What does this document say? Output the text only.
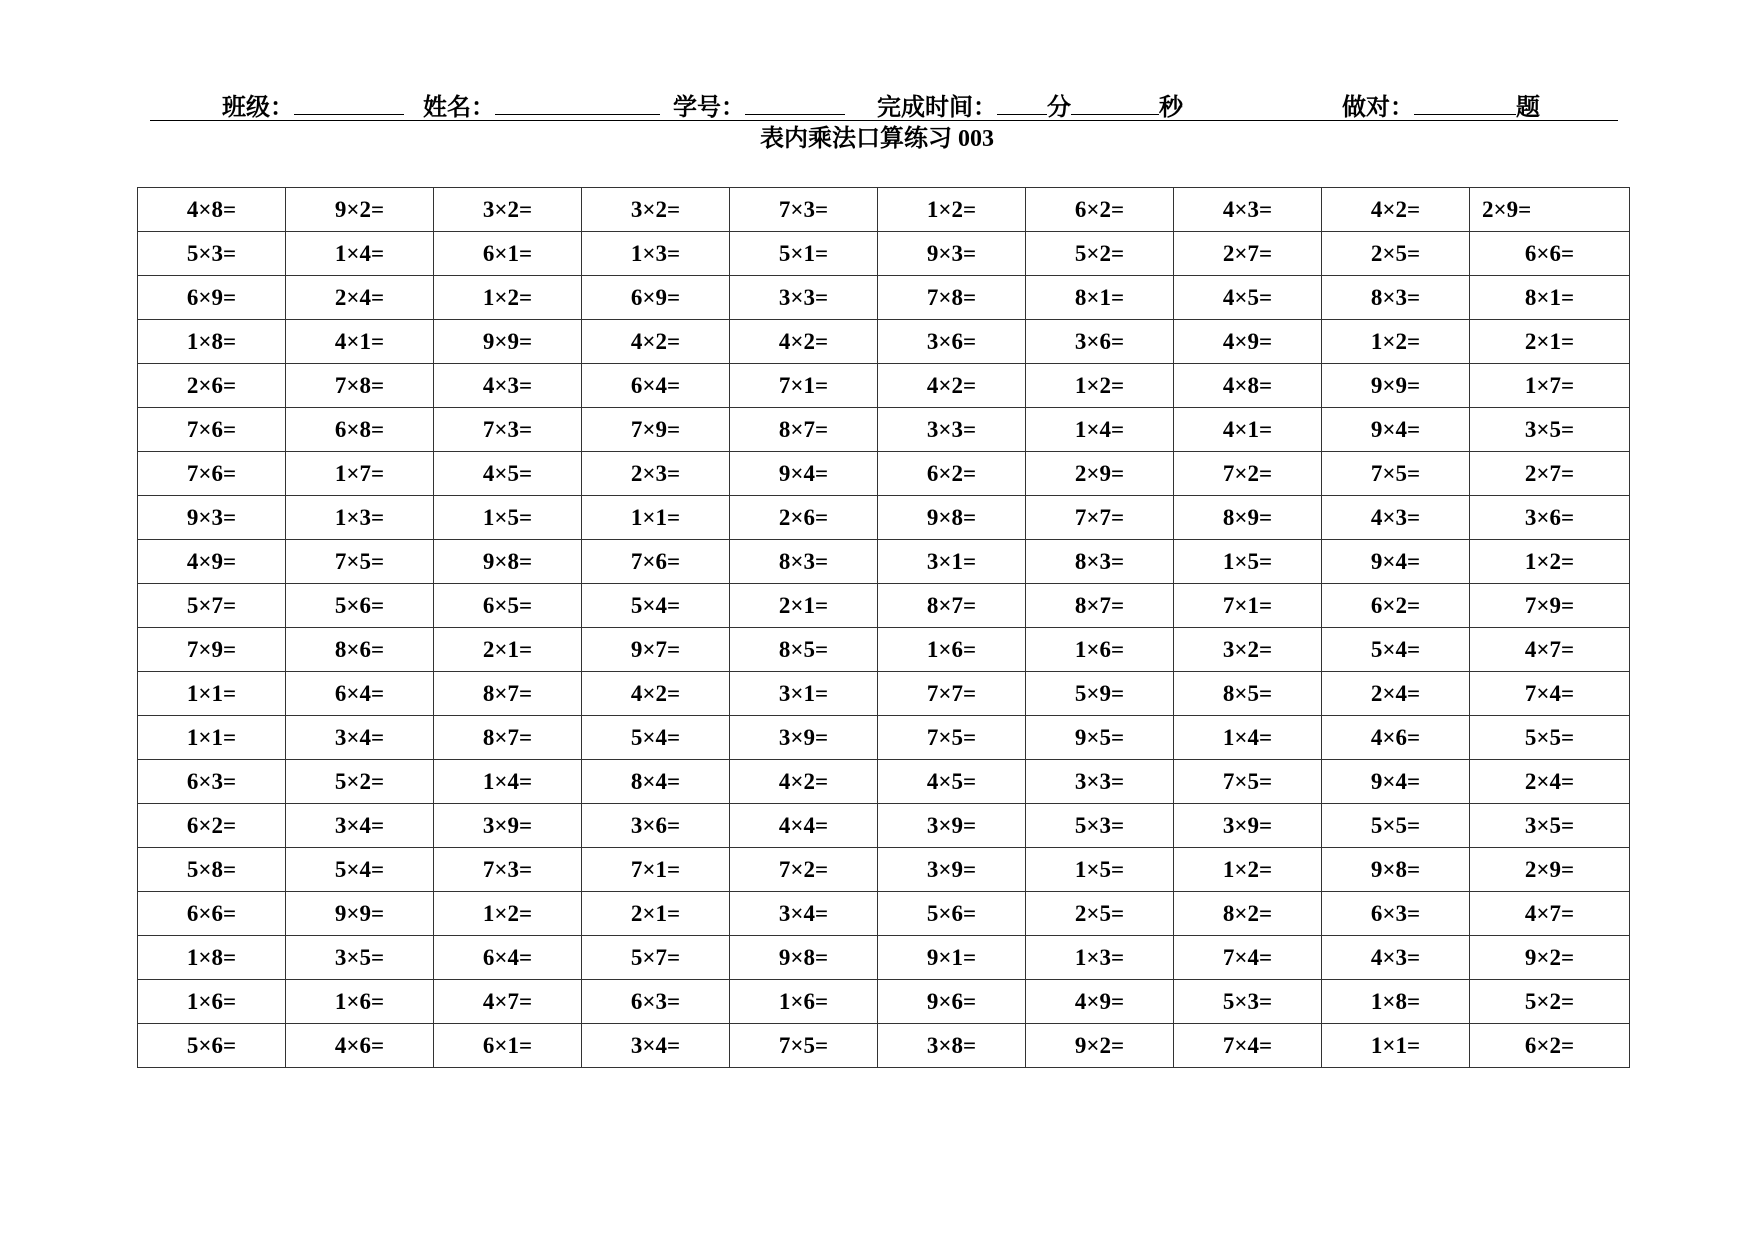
班级：	姓名：	学号：	完成时间： 分	秒	做对：	题
表内乘法口算练习 003
4×8=	9×2=	3×2=	3×2=	7×3=	1×2=	6×2=	4×3=	4×2=	2×9=
5×3=	1×4=	6×1=	1×3=	5×1=	9×3=	5×2=	2×7=	2×5=	6×6=
6×9=	2×4=	1×2=	6×9=	3×3=	7×8=	8×1=	4×5=	8×3=	8×1=
1×8=	4×1=	9×9=	4×2=	4×2=	3×6=	3×6=	4×9=	1×2=	2×1=
2×6=	7×8=	4×3=	6×4=	7×1=	4×2=	1×2=	4×8=	9×9=	1×7=
7×6=	6×8=	7×3=	7×9=	8×7=	3×3=	1×4=	4×1=	9×4=	3×5=
7×6=	1×7=	4×5=	2×3=	9×4=	6×2=	2×9=	7×2=	7×5=	2×7=
9×3=	1×3=	1×5=	1×1=	2×6=	9×8=	7×7=	8×9=	4×3=	3×6=
4×9=	7×5=	9×8=	7×6=	8×3=	3×1=	8×3=	1×5=	9×4=	1×2=
5×7=	5×6=	6×5=	5×4=	2×1=	8×7=	8×7=	7×1=	6×2=	7×9=
7×9=	8×6=	2×1=	9×7=	8×5=	1×6=	1×6=	3×2=	5×4=	4×7=
1×1=	6×4=	8×7=	4×2=	3×1=	7×7=	5×9=	8×5=	2×4=	7×4=
1×1=	3×4=	8×7=	5×4=	3×9=	7×5=	9×5=	1×4=	4×6=	5×5=
6×3=	5×2=	1×4=	8×4=	4×2=	4×5=	3×3=	7×5=	9×4=	2×4=
6×2=	3×4=	3×9=	3×6=	4×4=	3×9=	5×3=	3×9=	5×5=	3×5=
5×8=	5×4=	7×3=	7×1=	7×2=	3×9=	1×5=	1×2=	9×8=	2×9=
6×6=	9×9=	1×2=	2×1=	3×4=	5×6=	2×5=	8×2=	6×3=	4×7=
1×8=	3×5=	6×4=	5×7=	9×8=	9×1=	1×3=	7×4=	4×3=	9×2=
1×6=	1×6=	4×7=	6×3=	1×6=	9×6=	4×9=	5×3=	1×8=	5×2=
5×6=	4×6=	6×1=	3×4=	7×5=	3×8=	9×2=	7×4=	1×1=	6×2=
